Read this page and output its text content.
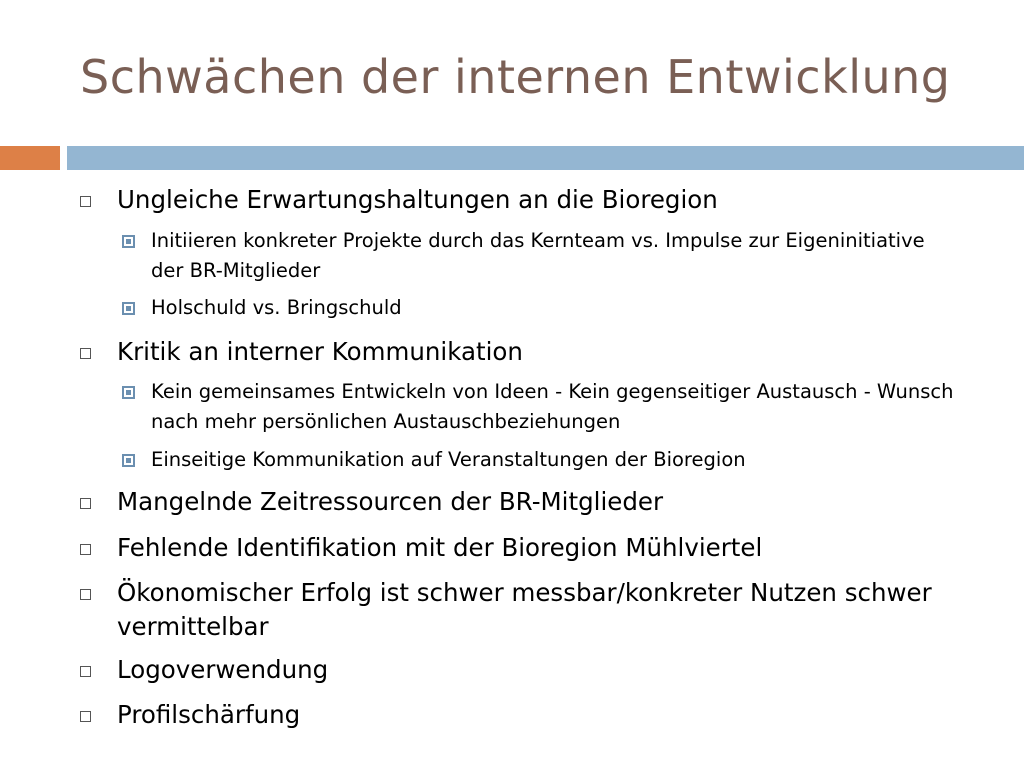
Schwächen der internen Entwicklung
Ungleiche Erwartungshaltungen an die Bioregion
Initiieren konkreter Projekte durch das Kernteam vs. Impulse zur Eigeninitiative der BR-Mitglieder
Holschuld vs. Bringschuld
Kritik an interner Kommunikation
Kein gemeinsames Entwickeln von Ideen - Kein gegenseitiger Austausch - Wunsch nach mehr persönlichen Austauschbeziehungen
Einseitige Kommunikation auf Veranstaltungen der Bioregion
Mangelnde Zeitressourcen der BR-Mitglieder
Fehlende Identifikation mit der Bioregion Mühlviertel
Ökonomischer Erfolg ist schwer messbar/konkreter Nutzen schwer vermittelbar
Logoverwendung
Profilschärfung
